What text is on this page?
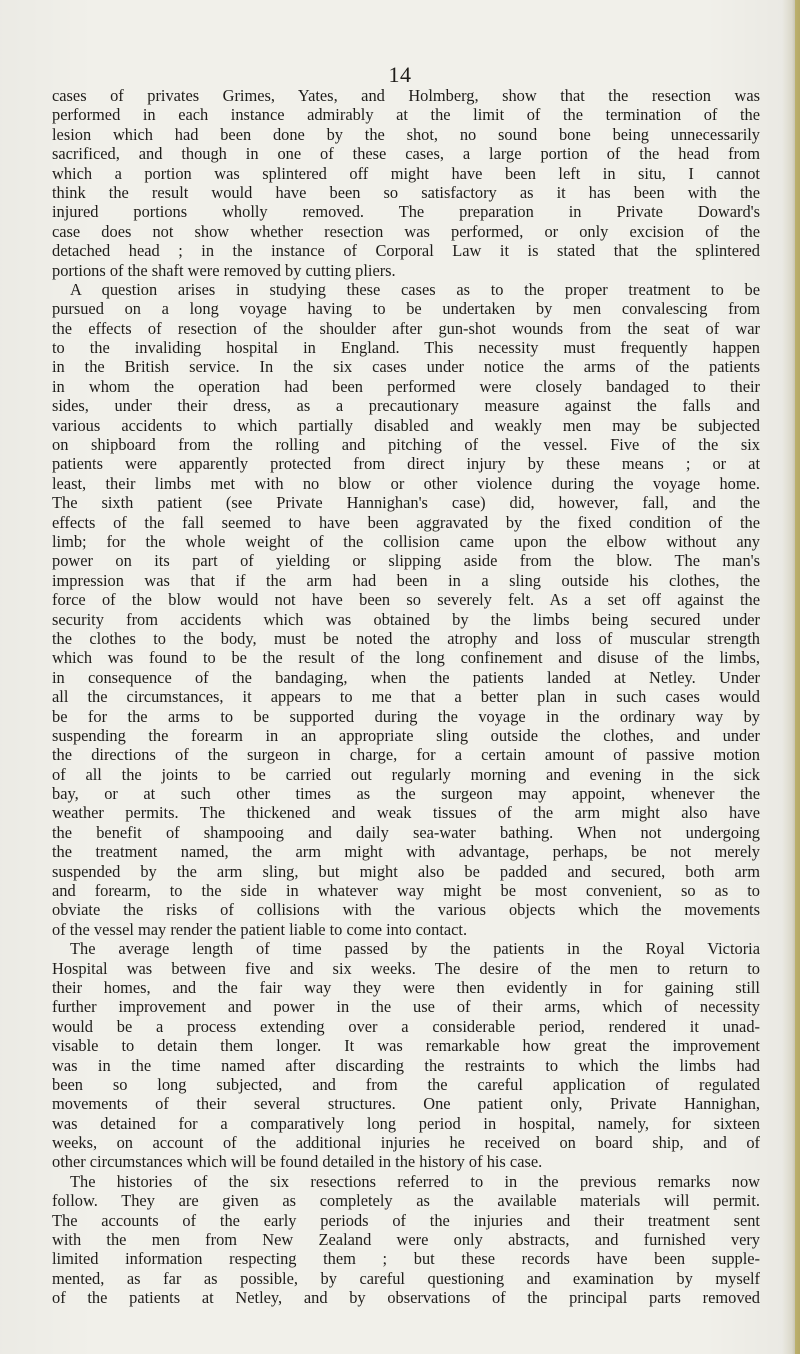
14
cases of privates Grimes, Yates, and Holmberg, show that the resection was
performed in each instance admirably at the limit of the termination of the
lesion which had been done by the shot, no sound bone being unnecessarily
sacrificed, and though in one of these cases, a large portion of the head from
which a portion was splintered off might have been left in situ, I cannot
think the result would have been so satisfactory as it has been with the
injured portions wholly removed. The preparation in Private Doward's
case does not show whether resection was performed, or only excision of the
detached head ; in the instance of Corporal Law it is stated that the splintered
portions of the shaft were removed by cutting pliers.
A question arises in studying these cases as to the proper treatment to be
pursued on a long voyage having to be undertaken by men convalescing from
the effects of resection of the shoulder after gun-shot wounds from the seat of war
to the invaliding hospital in England. This necessity must frequently happen
in the British service. In the six cases under notice the arms of the patients
in whom the operation had been performed were closely bandaged to their
sides, under their dress, as a precautionary measure against the falls and
various accidents to which partially disabled and weakly men may be subjected
on shipboard from the rolling and pitching of the vessel. Five of the six
patients were apparently protected from direct injury by these means ; or at
least, their limbs met with no blow or other violence during the voyage home.
The sixth patient (see Private Hannighan's case) did, however, fall, and the
effects of the fall seemed to have been aggravated by the fixed condition of the
limb; for the whole weight of the collision came upon the elbow without any
power on its part of yielding or slipping aside from the blow. The man's
impression was that if the arm had been in a sling outside his clothes, the
force of the blow would not have been so severely felt. As a set off against the
security from accidents which was obtained by the limbs being secured under
the clothes to the body, must be noted the atrophy and loss of muscular strength
which was found to be the result of the long confinement and disuse of the limbs,
in consequence of the bandaging, when the patients landed at Netley. Under
all the circumstances, it appears to me that a better plan in such cases would
be for the arms to be supported during the voyage in the ordinary way by
suspending the forearm in an appropriate sling outside the clothes, and under
the directions of the surgeon in charge, for a certain amount of passive motion
of all the joints to be carried out regularly morning and evening in the sick
bay, or at such other times as the surgeon may appoint, whenever the
weather permits. The thickened and weak tissues of the arm might also have
the benefit of shampooing and daily sea-water bathing. When not undergoing
the treatment named, the arm might with advantage, perhaps, be not merely
suspended by the arm sling, but might also be padded and secured, both arm
and forearm, to the side in whatever way might be most convenient, so as to
obviate the risks of collisions with the various objects which the movements
of the vessel may render the patient liable to come into contact.
The average length of time passed by the patients in the Royal Victoria
Hospital was between five and six weeks. The desire of the men to return to
their homes, and the fair way they were then evidently in for gaining still
further improvement and power in the use of their arms, which of necessity
would be a process extending over a considerable period, rendered it unad-
visable to detain them longer. It was remarkable how great the improvement
was in the time named after discarding the restraints to which the limbs had
been so long subjected, and from the careful application of regulated
movements of their several structures. One patient only, Private Hannighan,
was detained for a comparatively long period in hospital, namely, for sixteen
weeks, on account of the additional injuries he received on board ship, and of
other circumstances which will be found detailed in the history of his case.
The histories of the six resections referred to in the previous remarks now
follow. They are given as completely as the available materials will permit.
The accounts of the early periods of the injuries and their treatment sent
with the men from New Zealand were only abstracts, and furnished very
limited information respecting them ; but these records have been supple-
mented, as far as possible, by careful questioning and examination by myself
of the patients at Netley, and by observations of the principal parts removed
